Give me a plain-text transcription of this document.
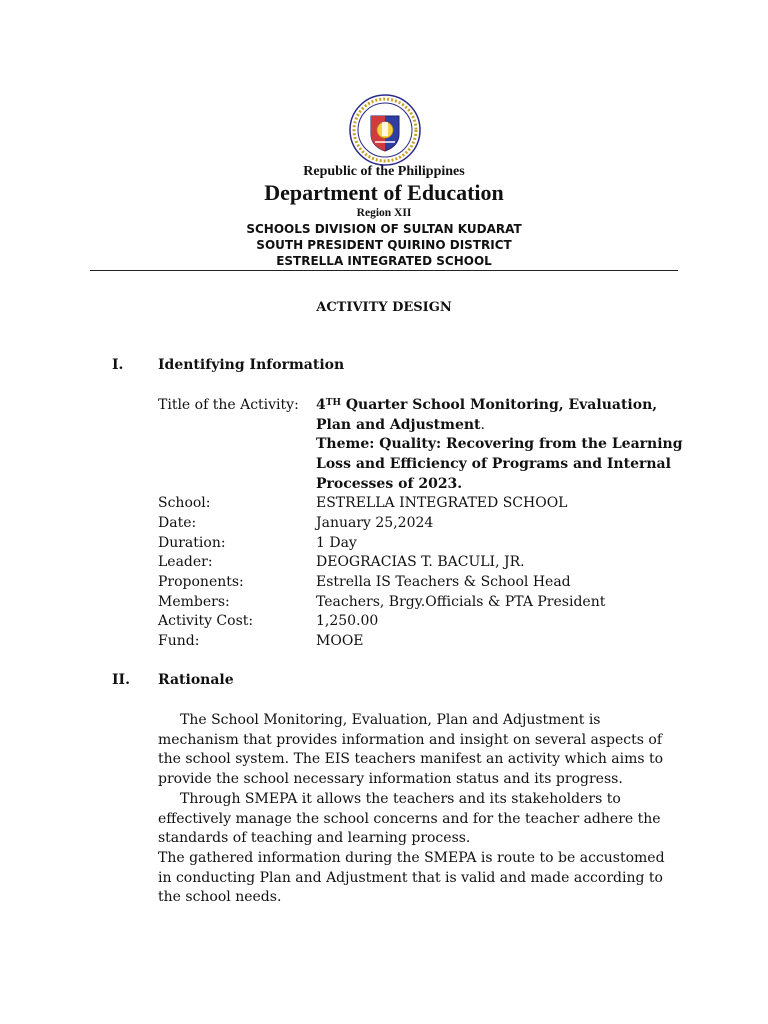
Republic of the Philippines
Department of Education
Region XII
SCHOOLS DIVISION OF SULTAN KUDARAT
SOUTH PRESIDENT QUIRINO DISTRICT
ESTRELLA INTEGRATED SCHOOL
ACTIVITY DESIGN
I. Identifying Information
Title of the Activity: 4TH Quarter School Monitoring, Evaluation, Plan and Adjustment.
Theme: Quality: Recovering from the Learning Loss and Efficiency of Programs and Internal Processes of 2023.
School:	ESTRELLA INTEGRATED SCHOOL
Date:	January 25,2024
Duration:	1 Day
Leader:	DEOGRACIAS T. BACULI, JR.
Proponents:	Estrella IS Teachers & School Head
Members:	Teachers, Brgy.Officials & PTA President
Activity Cost:	1,250.00
Fund:	MOOE
II. Rationale
The School Monitoring, Evaluation, Plan and Adjustment is mechanism that provides information and insight on several aspects of the school system. The EIS teachers manifest an activity which aims to provide the school necessary information status and its progress.
Through SMEPA it allows the teachers and its stakeholders to effectively manage the school concerns and for the teacher adhere the standards of teaching and learning process.
The gathered information during the SMEPA is route to be accustomed in conducting Plan and Adjustment that is valid and made according to the school needs.
